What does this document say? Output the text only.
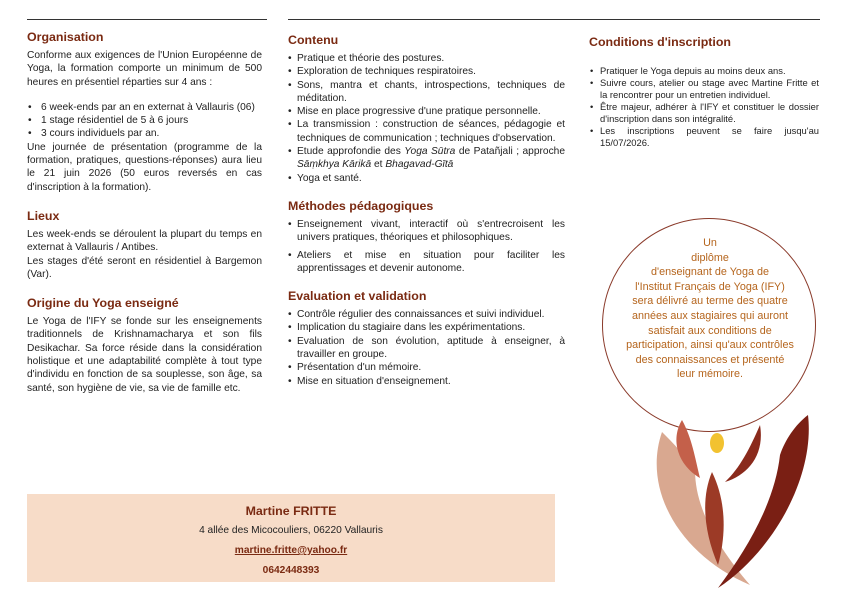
Organisation

Conforme aux exigences de l'Union Européenne de Yoga, la formation comporte un minimum de 500 heures en présentiel réparties sur 4 ans :

• 6 week-ends par an en externat à Vallauris (06)
• 1 stage résidentiel de 5 à 6 jours
• 3 cours individuels par an.

Une journée de présentation (programme de la formation, pratiques, questions-réponses) aura lieu le 21 juin 2026 (50 euros reversés en cas d'inscription à la formation).

Lieux

Les week-ends se déroulent la plupart du temps en externat à Vallauris / Antibes.

Les stages d'été seront en résidentiel à Bargemon (Var).

Origine du Yoga enseigné

Le Yoga de l'IFY se fonde sur les enseignements traditionnels de Krishnamacharya et son fils Desikachar. Sa force réside dans la considération holistique et une adaptabilité complète à tout type d'individu en fonction de sa souplesse, son âge, sa santé, son hygiène de vie, sa vie de famille etc.

Contenu
• Pratique et théorie des postures.
• Exploration de techniques respiratoires.
• Sons, mantra et chants, introspections, techniques de méditation.
• Mise en place progressive d'une pratique personnelle.
• La transmission : construction de séances, pédagogie et techniques de communication ; techniques d'observation.
• Etude approfondie des Yoga Sūtra de Patañjali ; approche Sāṃkhya Kārikā et Bhagavad-Gītā
• Yoga et santé.
Méthodes pédagogiques
• Enseignement vivant, interactif où s'entrecroisent les univers pratiques, théoriques et philosophiques.
• Ateliers et mise en situation pour faciliter les apprentissages et devenir autonome.
Evaluation et validation
• Contrôle régulier des connaissances et suivi individuel.
• Implication du stagiaire dans les expérimentations.
• Evaluation de son évolution, aptitude à enseigner, à travailler en groupe.
• Présentation d'un mémoire.
• Mise en situation d'enseignement.
Conditions d'inscription
• Pratiquer le Yoga depuis au moins deux ans.
• Suivre cours, atelier ou stage avec Martine Fritte et la rencontrer pour un entretien individuel.
• Être majeur, adhérer à l'IFY et constituer le dossier d'inscription dans son intégralité.
• Les inscriptions peuvent se faire jusqu'au 15/07/2026.
Un
diplôme
d'enseignant de Yoga de
l'Institut Français de Yoga (IFY)
sera délivré au terme des quatre
années aux stagiaires qui auront
satisfait aux conditions de
participation, ainsi qu'aux contrôles
des connaissances et présenté
leur mémoire.
Martine FRITTE
4 allée des Micocouliers, 06220 Vallauris
martine.fritte@yahoo.fr
0642448393
